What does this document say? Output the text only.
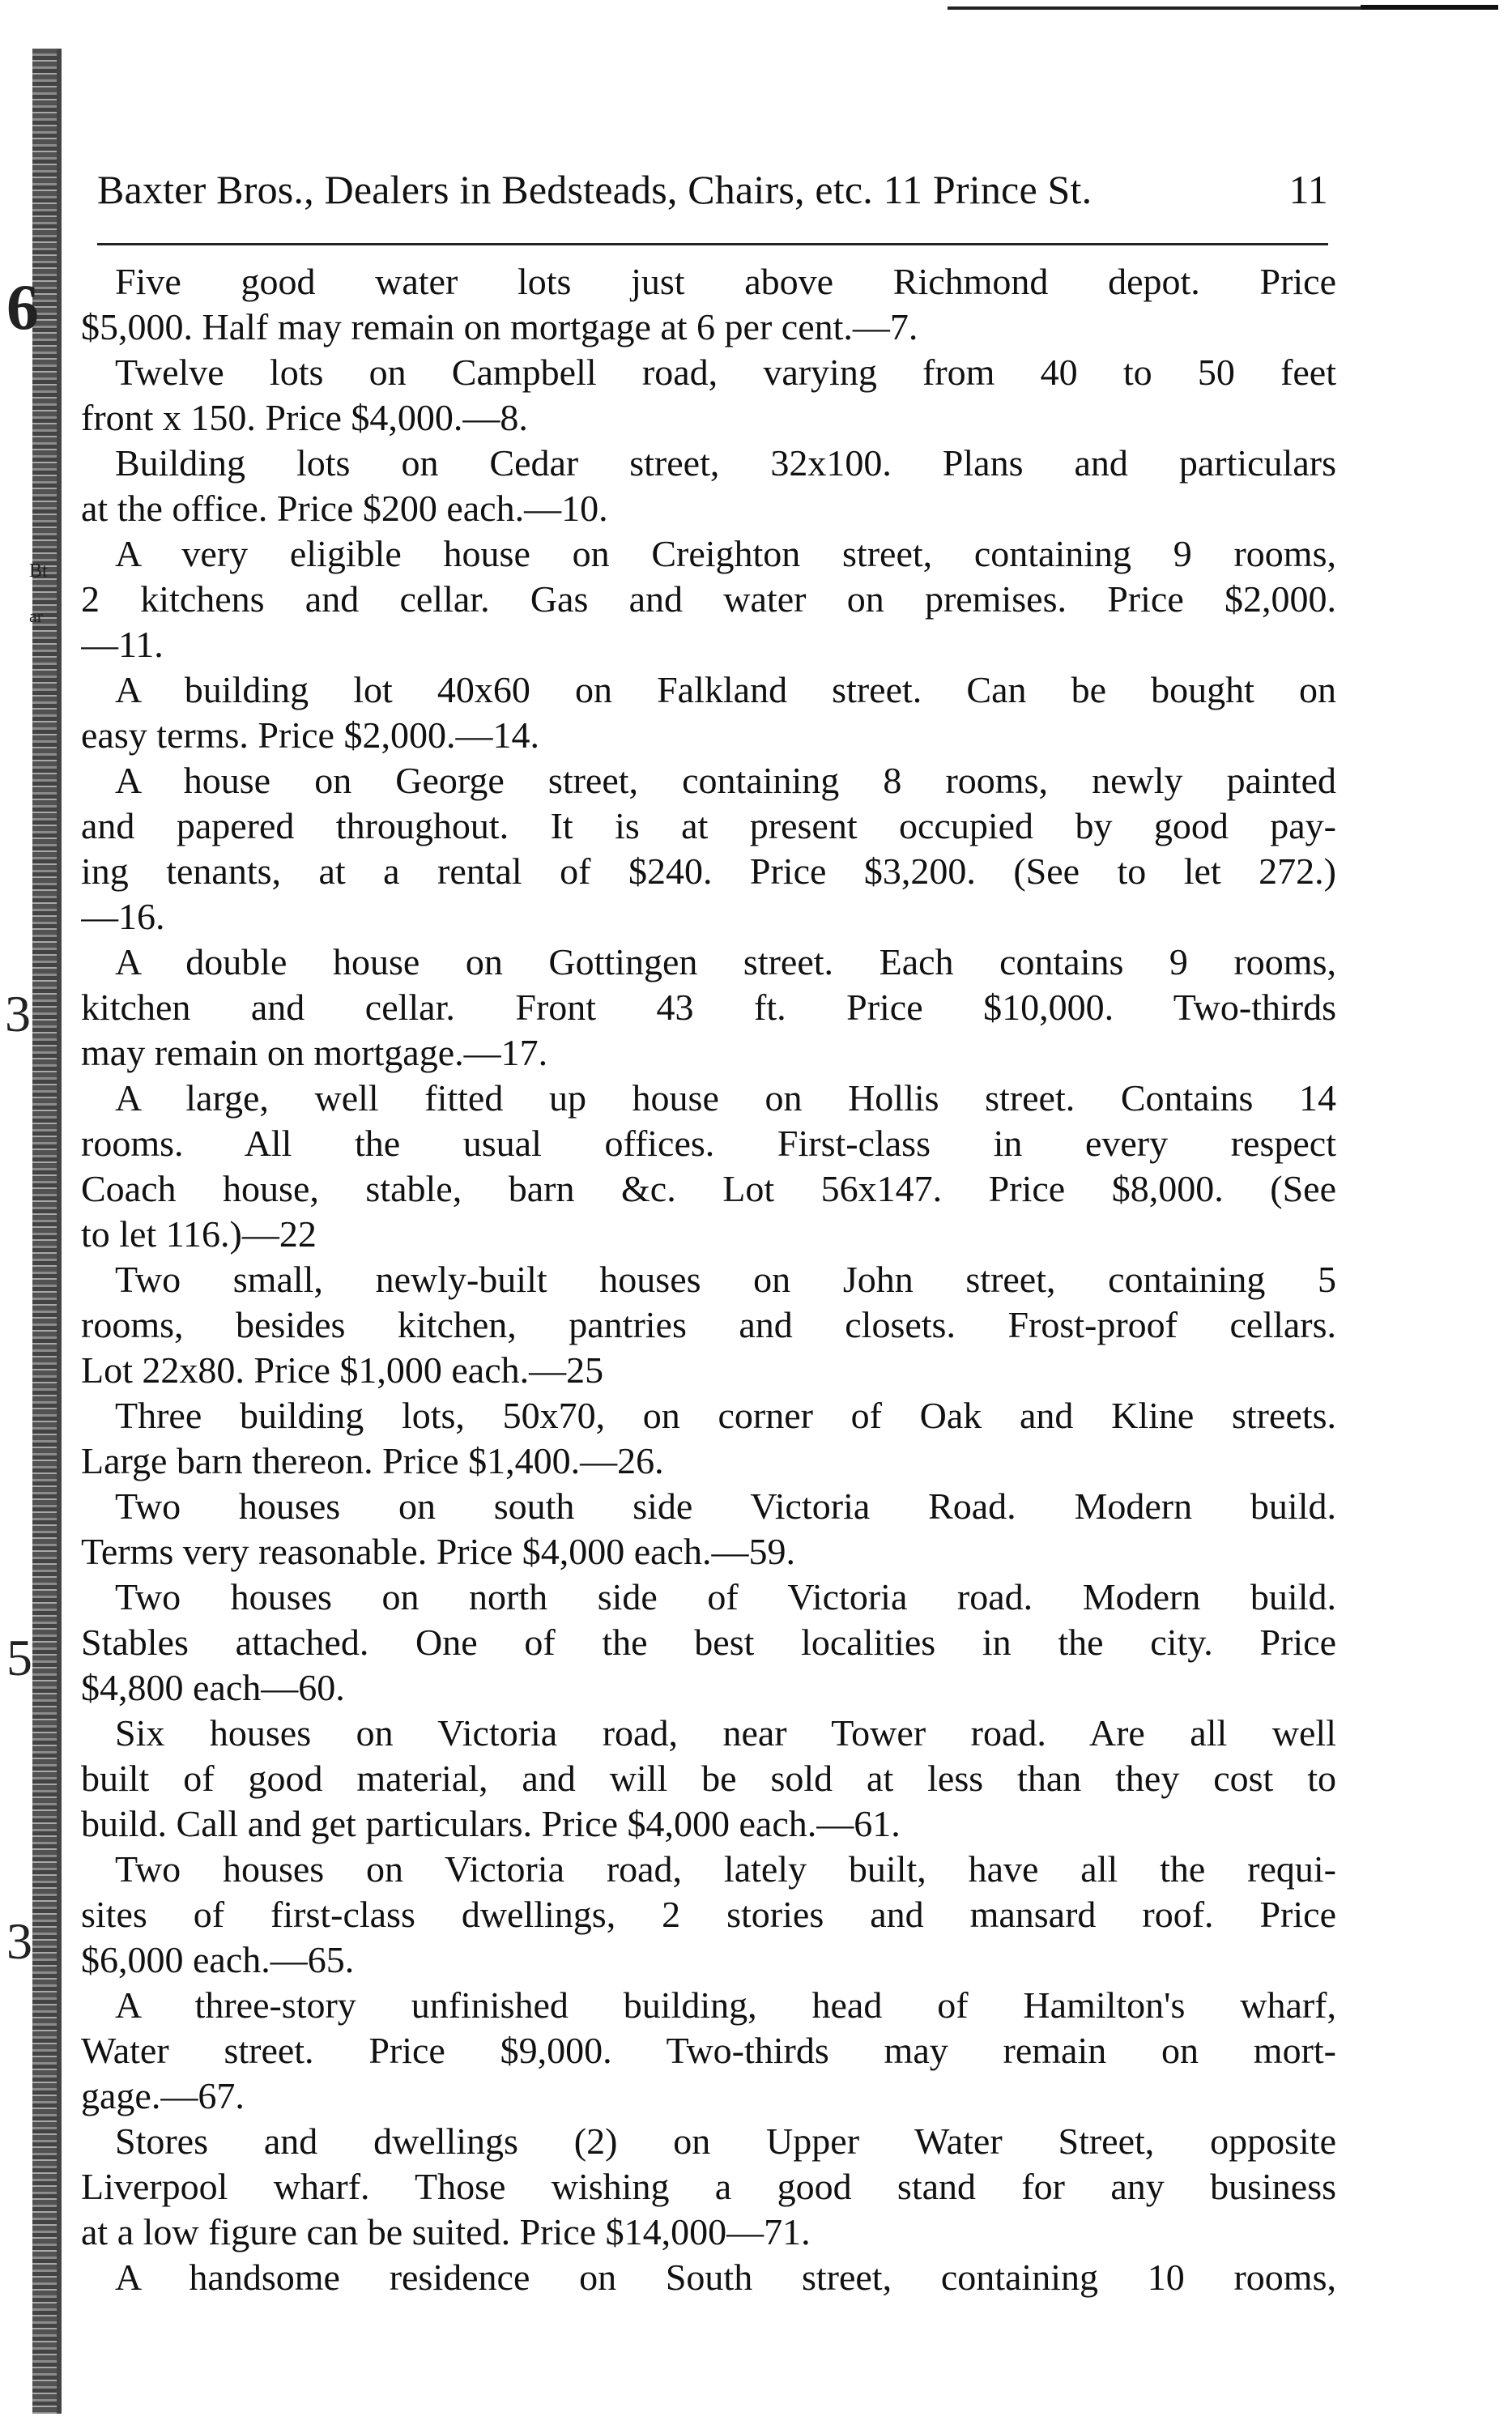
6
Bt
ar
3
5
3
Baxter Bros., Dealers in Bedsteads, Chairs, etc. 11 Prince St.	11
Five good water lots just above Richmond depot. Price
$5,000. Half may remain on mortgage at 6 per cent.—7.
Twelve lots on Campbell road, varying from 40 to 50 feet
front x 150. Price $4,000.—8.
Building lots on Cedar street, 32x100. Plans and particulars
at the office. Price $200 each.—10.
A very eligible house on Creighton street, containing 9 rooms,
2 kitchens and cellar. Gas and water on premises. Price $2,000.
—11.
A building lot 40x60 on Falkland street. Can be bought on
easy terms. Price $2,000.—14.
A house on George street, containing 8 rooms, newly painted
and papered throughout. It is at present occupied by good pay-
ing tenants, at a rental of $240. Price $3,200. (See to let 272.)
—16.
A double house on Gottingen street. Each contains 9 rooms,
kitchen and cellar. Front 43 ft. Price $10,000. Two-thirds
may remain on mortgage.—17.
A large, well fitted up house on Hollis street. Contains 14
rooms. All the usual offices. First-class in every respect
Coach house, stable, barn &c. Lot 56x147. Price $8,000. (See
to let 116.)—22
Two small, newly-built houses on John street, containing 5
rooms, besides kitchen, pantries and closets. Frost-proof cellars.
Lot 22x80. Price $1,000 each.—25
Three building lots, 50x70, on corner of Oak and Kline streets.
Large barn thereon. Price $1,400.—26.
Two houses on south side Victoria Road. Modern build.
Terms very reasonable. Price $4,000 each.—59.
Two houses on north side of Victoria road. Modern build.
Stables attached. One of the best localities in the city. Price
$4,800 each—60.
Six houses on Victoria road, near Tower road. Are all well
built of good material, and will be sold at less than they cost to
build. Call and get particulars. Price $4,000 each.—61.
Two houses on Victoria road, lately built, have all the requi-
sites of first-class dwellings, 2 stories and mansard roof. Price
$6,000 each.—65.
A three-story unfinished building, head of Hamilton's wharf,
Water street. Price $9,000. Two-thirds may remain on mort-
gage.—67.
Stores and dwellings (2) on Upper Water Street, opposite
Liverpool wharf. Those wishing a good stand for any business
at a low figure can be suited. Price $14,000—71.
A handsome residence on South street, containing 10 rooms,
